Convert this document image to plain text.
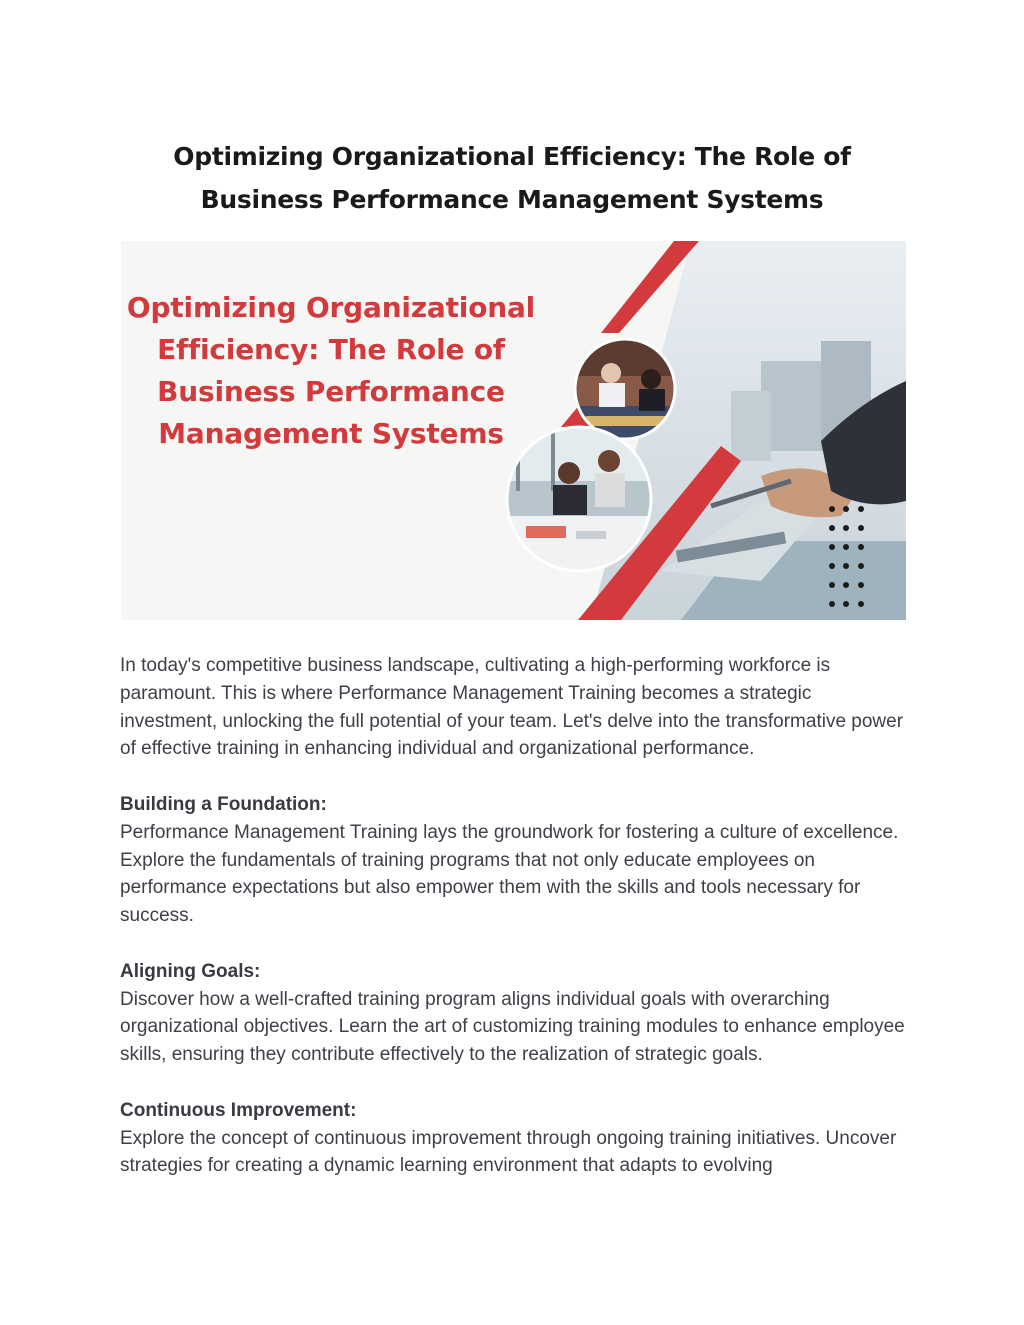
Optimizing Organizational Efficiency: The Role of Business Performance Management Systems
Optimizing Organizational Efficiency: The Role of Business Performance Management Systems

In today's competitive business landscape, cultivating a high-performing workforce is paramount. This is where Performance Management Training becomes a strategic investment, unlocking the full potential of your team. Let's delve into the transformative power of effective training in enhancing individual and organizational performance.

Building a Foundation:
Performance Management Training lays the groundwork for fostering a culture of excellence. Explore the fundamentals of training programs that not only educate employees on performance expectations but also empower them with the skills and tools necessary for success.

Aligning Goals:
Discover how a well-crafted training program aligns individual goals with overarching organizational objectives. Learn the art of customizing training modules to enhance employee skills, ensuring they contribute effectively to the realization of strategic goals.

Continuous Improvement:
Explore the concept of continuous improvement through ongoing training initiatives. Uncover strategies for creating a dynamic learning environment that adapts to evolving
